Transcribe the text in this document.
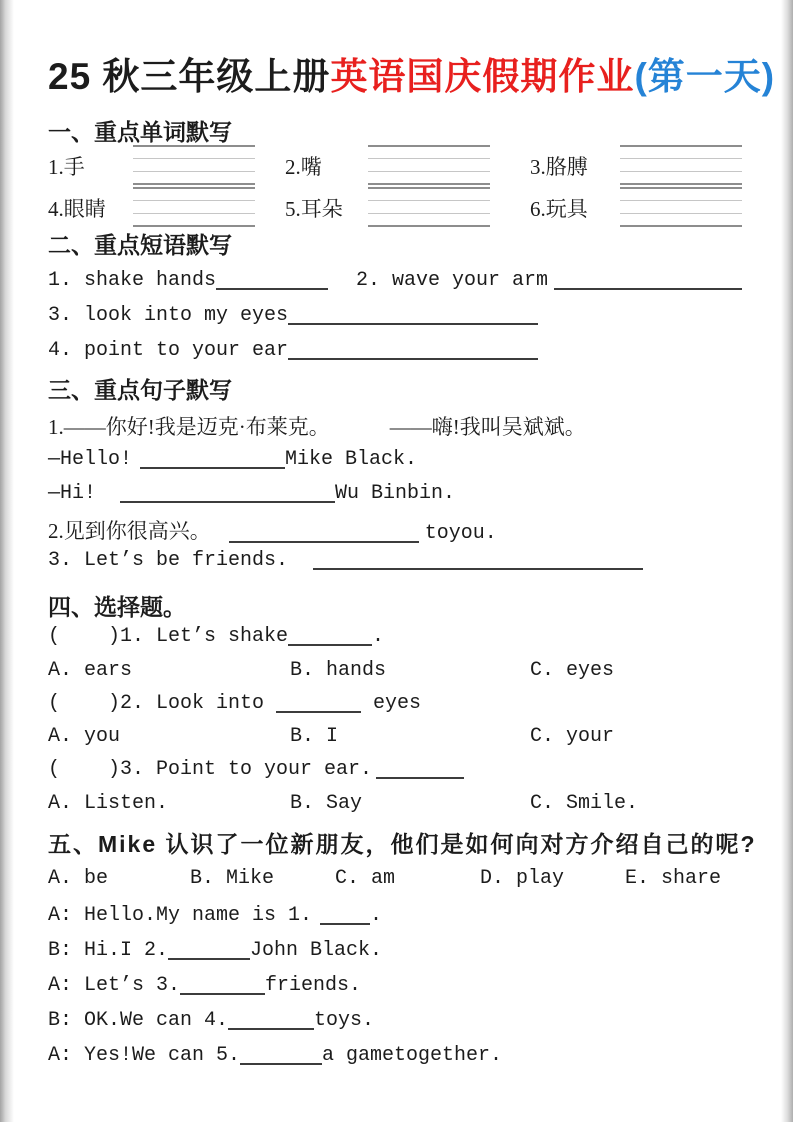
25 秋三年级上册英语国庆假期作业(第一天)
一、重点单词默写
1.手	2.嘴	3.胳膊
4.眼睛	5.耳朵	6.玩具
二、重点短语默写
1. shake hands	2. wave your arm
3. look into my eyes
4. point to your ear
三、重点句子默写
1.——你好!我是迈克·布莱克。	——嗨!我叫吴斌斌。
—Hello!	Mike Black.
—Hi!	Wu Binbin.
2.见到你很高兴。	toyou.
3. Let’s be friends.
四、选择题。
(    )1. Let’s shake	.
A. ears	B. hands	C. eyes
(    )2. Look into	eyes
A. you	B. I	C. your
(    )3. Point to your ear.
A. Listen.	B. Say	C. Smile.
五、Mike 认识了一位新朋友，他们是如何向对方介绍自己的呢?
A. be	B. Mike	C. am	D. play	E. share
A: Hello.My name is 1.	.
B: Hi.I 2.	John Black.
A: Let’s 3.	friends.
B: OK.We can 4.	toys.
A: Yes!We can 5.	a gametogether.
